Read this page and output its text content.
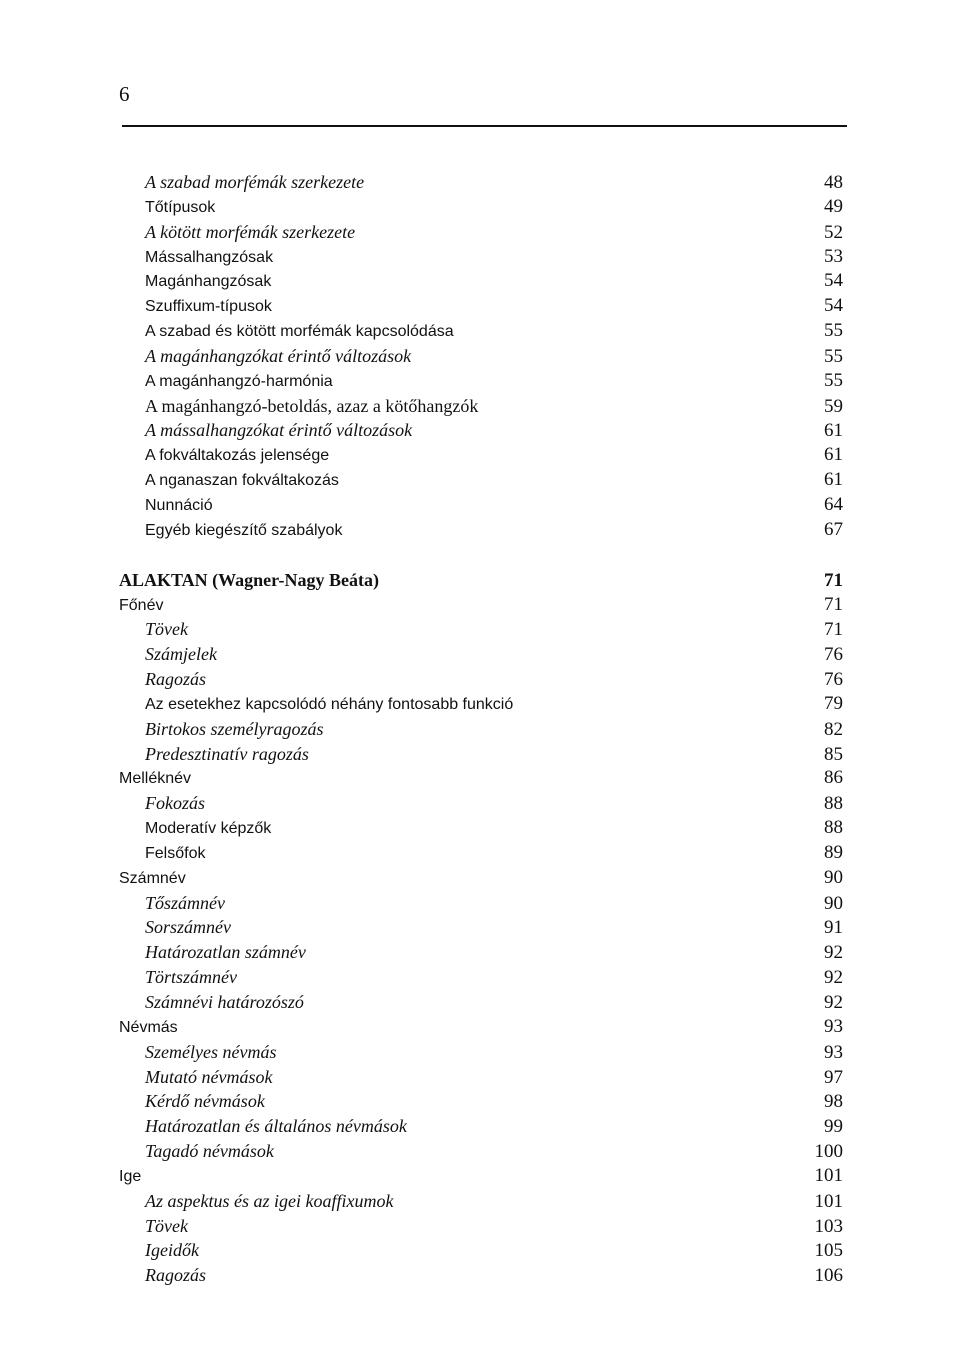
6
A szabad morfémák szerkezete	48
Tőtípusok	49
A kötött morfémák szerkezete	52
Mássalhangzósak	53
Magánhangzósak	54
Szuffixum-típusok	54
A szabad és kötött morfémák kapcsolódása	55
A magánhangzókat érintő változások	55
A magánhangzó-harmónia	55
A magánhangzó-betoldás, azaz a kötőhangzók	59
A mássalhangzókat érintő változások	61
A fokváltakozás jelensége	61
A nganaszan fokváltakozás	61
Nunnáció	64
Egyéb kiegészítő szabályok	67
ALAKTAN (Wagner-Nagy Beáta)	71
Főnév	71
Tövek	71
Számjelek	76
Ragozás	76
Az esetekhez kapcsolódó néhány fontosabb funkció	79
Birtokos személyragozás	82
Predesztinatív ragozás	85
Melléknév	86
Fokozás	88
Moderatív képzők	88
Felsőfok	89
Számnév	90
Tőszámnév	90
Sorszámnév	91
Határozatlan számnév	92
Törtszámnév	92
Számnévi határozószó	92
Névmás	93
Személyes névmás	93
Mutató névmások	97
Kérdő névmások	98
Határozatlan és általános névmások	99
Tagadó névmások	100
Ige	101
Az aspektus és az igei koaffixumok	101
Tövek	103
Igeidők	105
Ragozás	106
